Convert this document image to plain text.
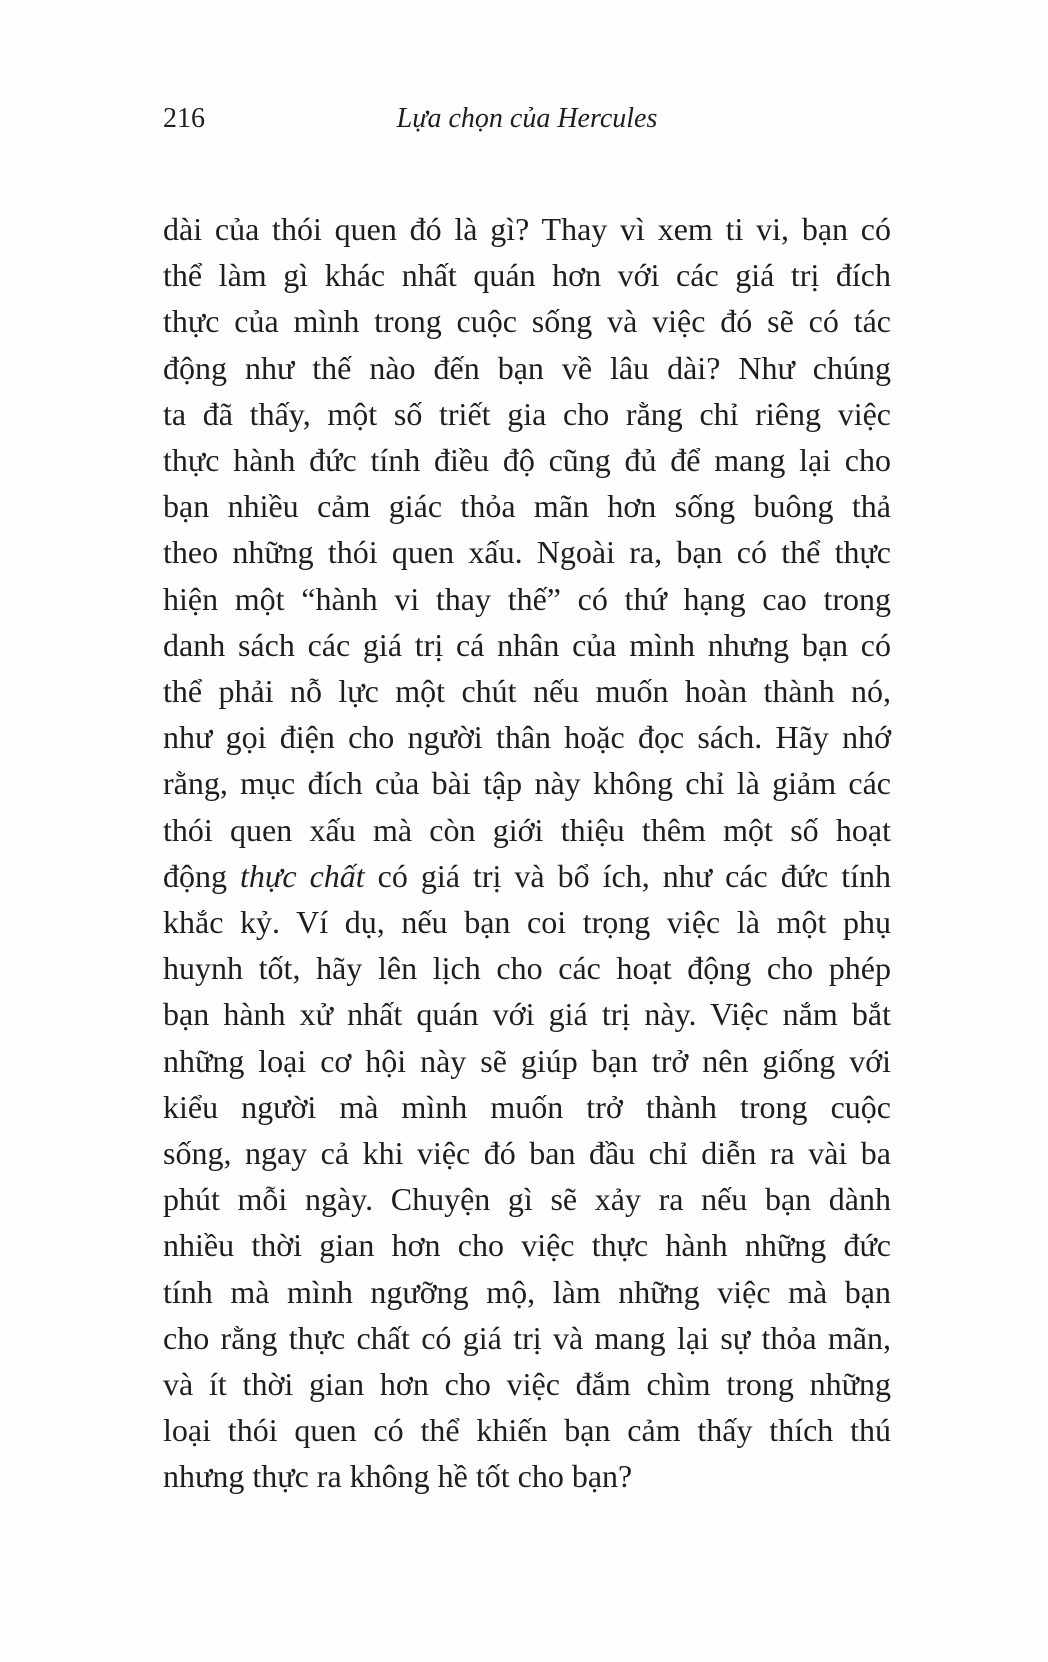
216	Lựa chọn của Hercules
dài của thói quen đó là gì? Thay vì xem ti vi, bạn có
thể làm gì khác nhất quán hơn với các giá trị đích
thực của mình trong cuộc sống và việc đó sẽ có tác
động như thế nào đến bạn về lâu dài? Như chúng
ta đã thấy, một số triết gia cho rằng chỉ riêng việc
thực hành đức tính điều độ cũng đủ để mang lại cho
bạn nhiều cảm giác thỏa mãn hơn sống buông thả
theo những thói quen xấu. Ngoài ra, bạn có thể thực
hiện một “hành vi thay thế” có thứ hạng cao trong
danh sách các giá trị cá nhân của mình nhưng bạn có
thể phải nỗ lực một chút nếu muốn hoàn thành nó,
như gọi điện cho người thân hoặc đọc sách. Hãy nhớ
rằng, mục đích của bài tập này không chỉ là giảm các
thói quen xấu mà còn giới thiệu thêm một số hoạt
động thực chất có giá trị và bổ ích, như các đức tính
khắc kỷ. Ví dụ, nếu bạn coi trọng việc là một phụ
huynh tốt, hãy lên lịch cho các hoạt động cho phép
bạn hành xử nhất quán với giá trị này. Việc nắm bắt
những loại cơ hội này sẽ giúp bạn trở nên giống với
kiểu người mà mình muốn trở thành trong cuộc
sống, ngay cả khi việc đó ban đầu chỉ diễn ra vài ba
phút mỗi ngày. Chuyện gì sẽ xảy ra nếu bạn dành
nhiều thời gian hơn cho việc thực hành những đức
tính mà mình ngưỡng mộ, làm những việc mà bạn
cho rằng thực chất có giá trị và mang lại sự thỏa mãn,
và ít thời gian hơn cho việc đắm chìm trong những
loại thói quen có thể khiến bạn cảm thấy thích thú
nhưng thực ra không hề tốt cho bạn?
